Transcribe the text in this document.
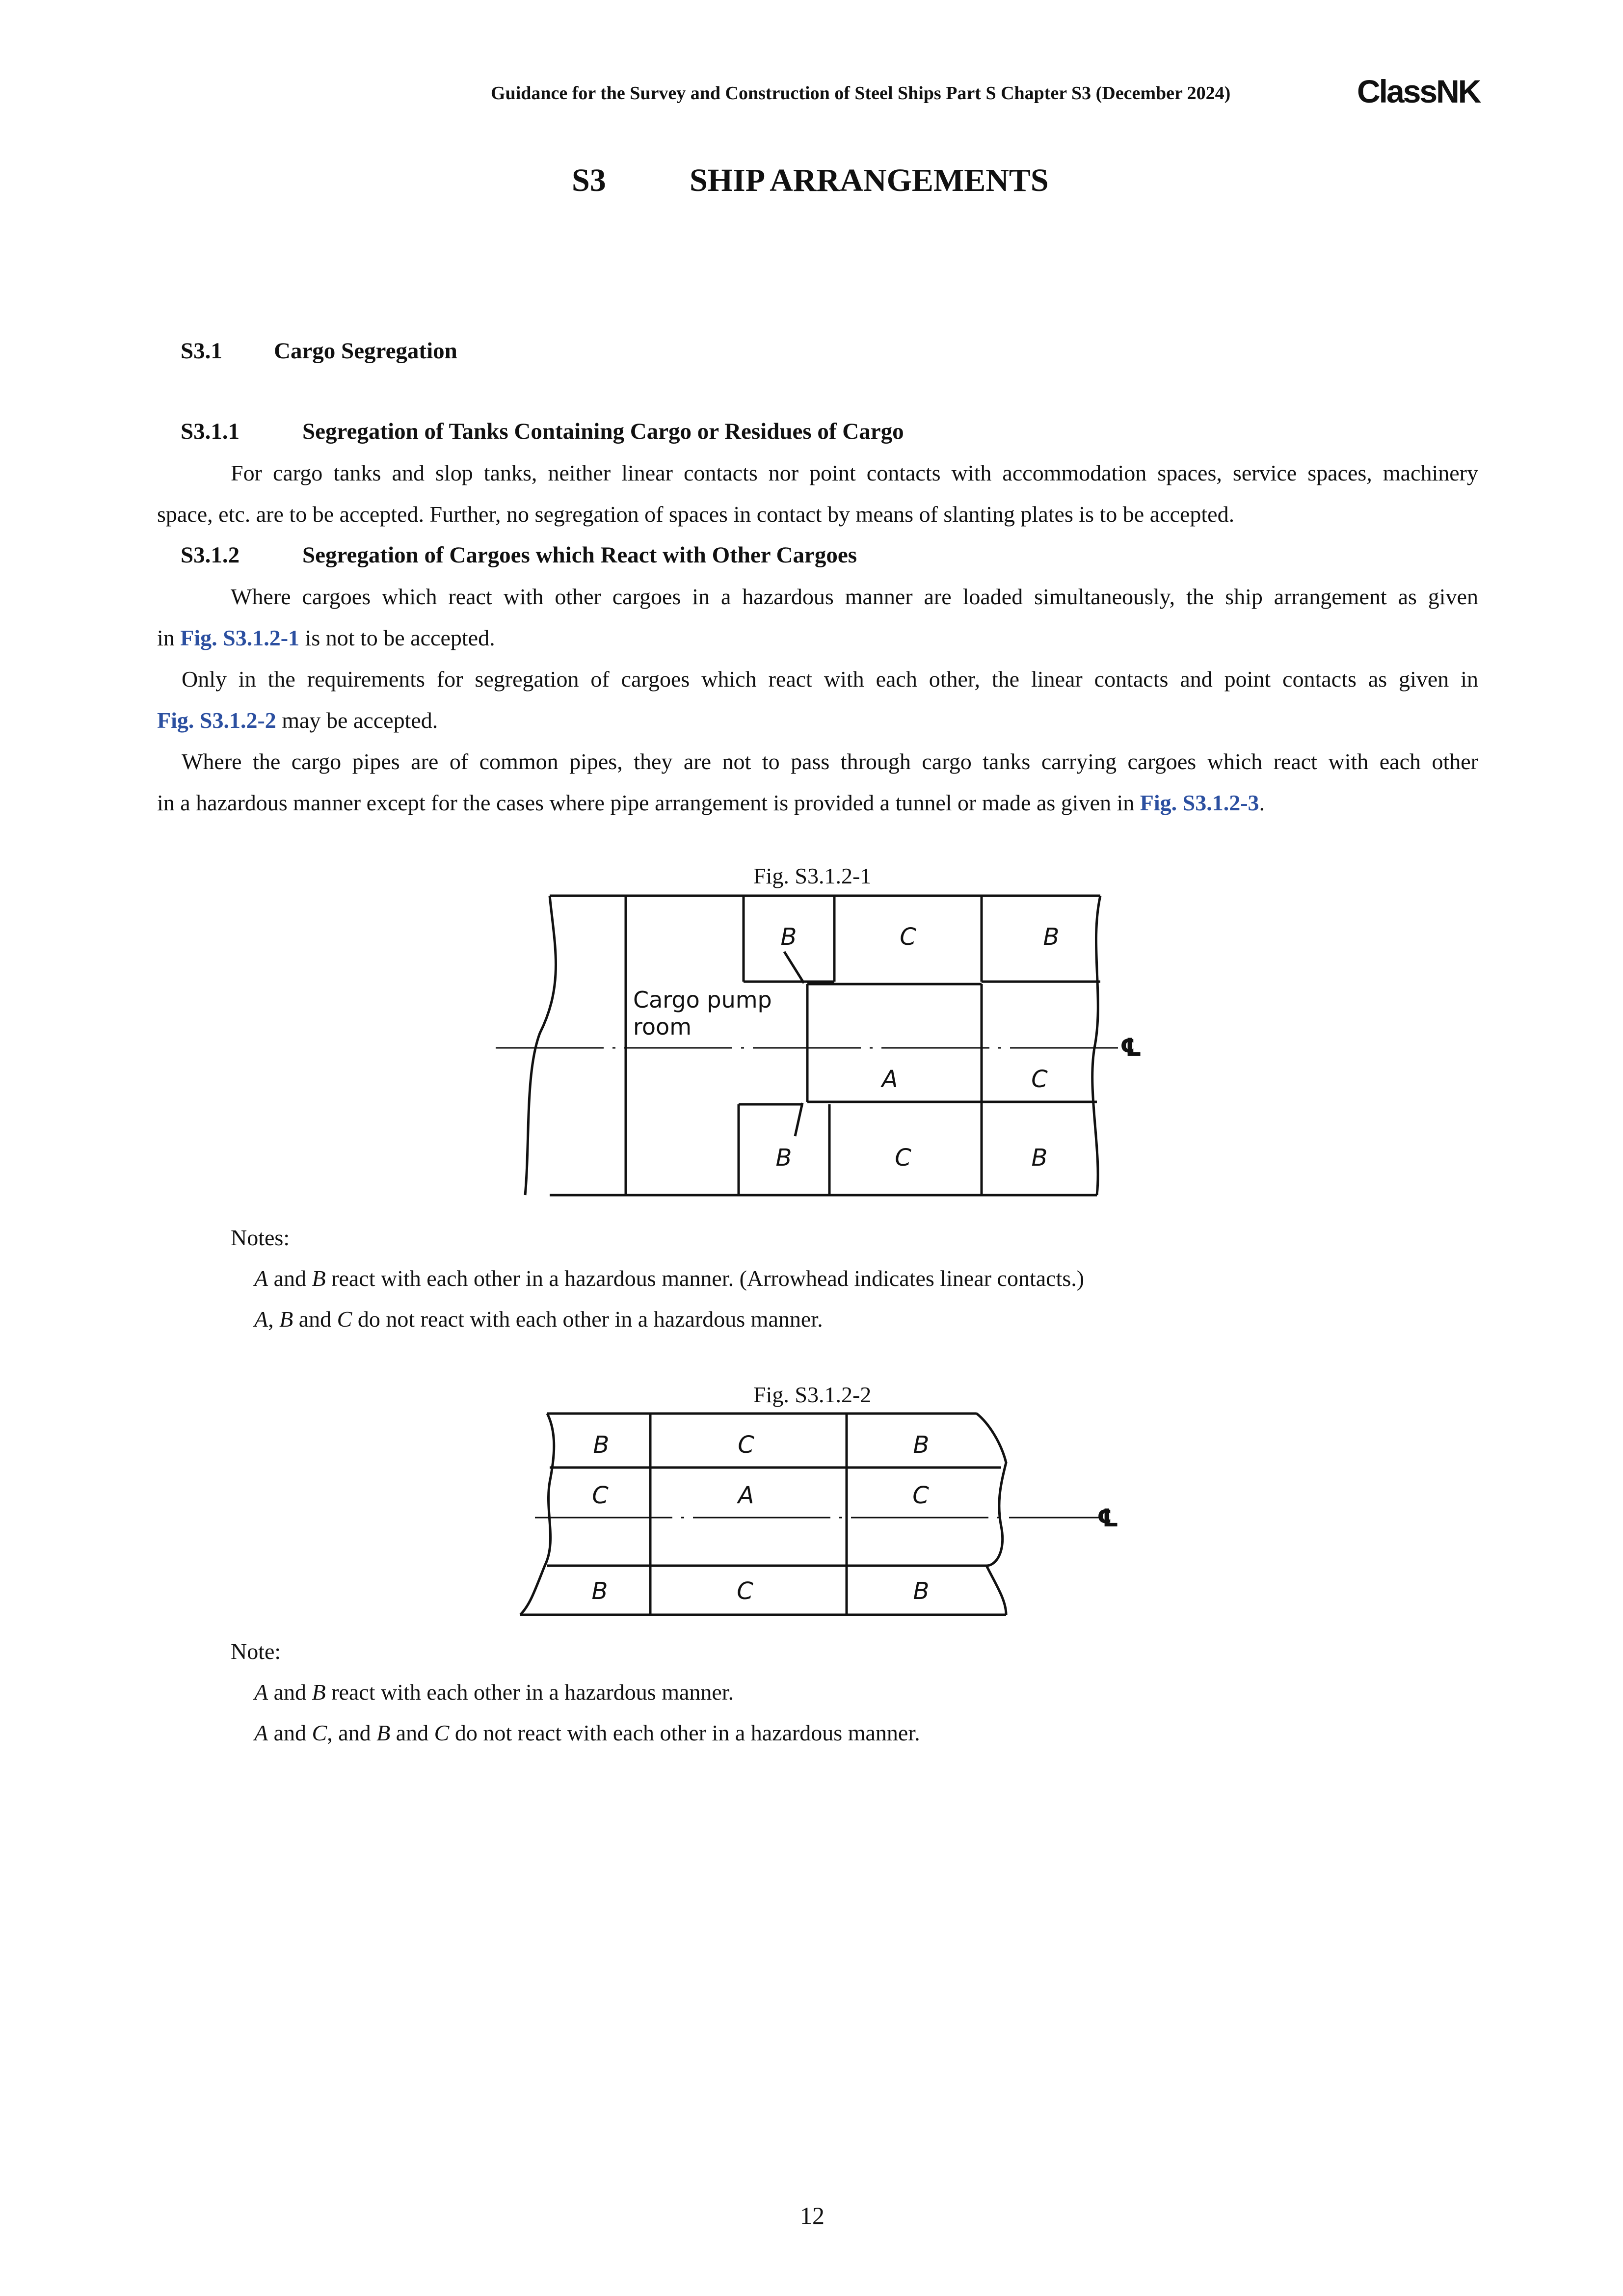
Guidance for the Survey and Construction of Steel Ships Part S Chapter S3 (December 2024)	ClassNK
S3	SHIP ARRANGEMENTS
S3.1 Cargo Segregation
S3.1.1	Segregation of Tanks Containing Cargo or Residues of Cargo
For cargo tanks and slop tanks, neither linear contacts nor point contacts with accommodation spaces, service spaces, machinery
space, etc. are to be accepted. Further, no segregation of spaces in contact by means of slanting plates is to be accepted.
S3.1.2	Segregation of Cargoes which React with Other Cargoes
Where cargoes which react with other cargoes in a hazardous manner are loaded simultaneously, the ship arrangement as given
in Fig. S3.1.2-1 is not to be accepted.
Only in the requirements for segregation of cargoes which react with each other, the linear contacts and point contacts as given in
Fig. S3.1.2-2 may be accepted.
Where the cargo pipes are of common pipes, they are not to pass through cargo tanks carrying cargoes which react with each other
in a hazardous manner except for the cases where pipe arrangement is provided a tunnel or made as given in Fig. S3.1.2-3.
Fig. S3.1.2-1
B	C	B
A	C
B	C	B
Cargo pump
room
℄
Notes:
A and B react with each other in a hazardous manner. (Arrowhead indicates linear contacts.)
A, B and C do not react with each other in a hazardous manner.
Fig. S3.1.2-2
B	C	B
C	A	C
B	C	B
℄
Note:
A and B react with each other in a hazardous manner.
A and C, and B and C do not react with each other in a hazardous manner.
12
